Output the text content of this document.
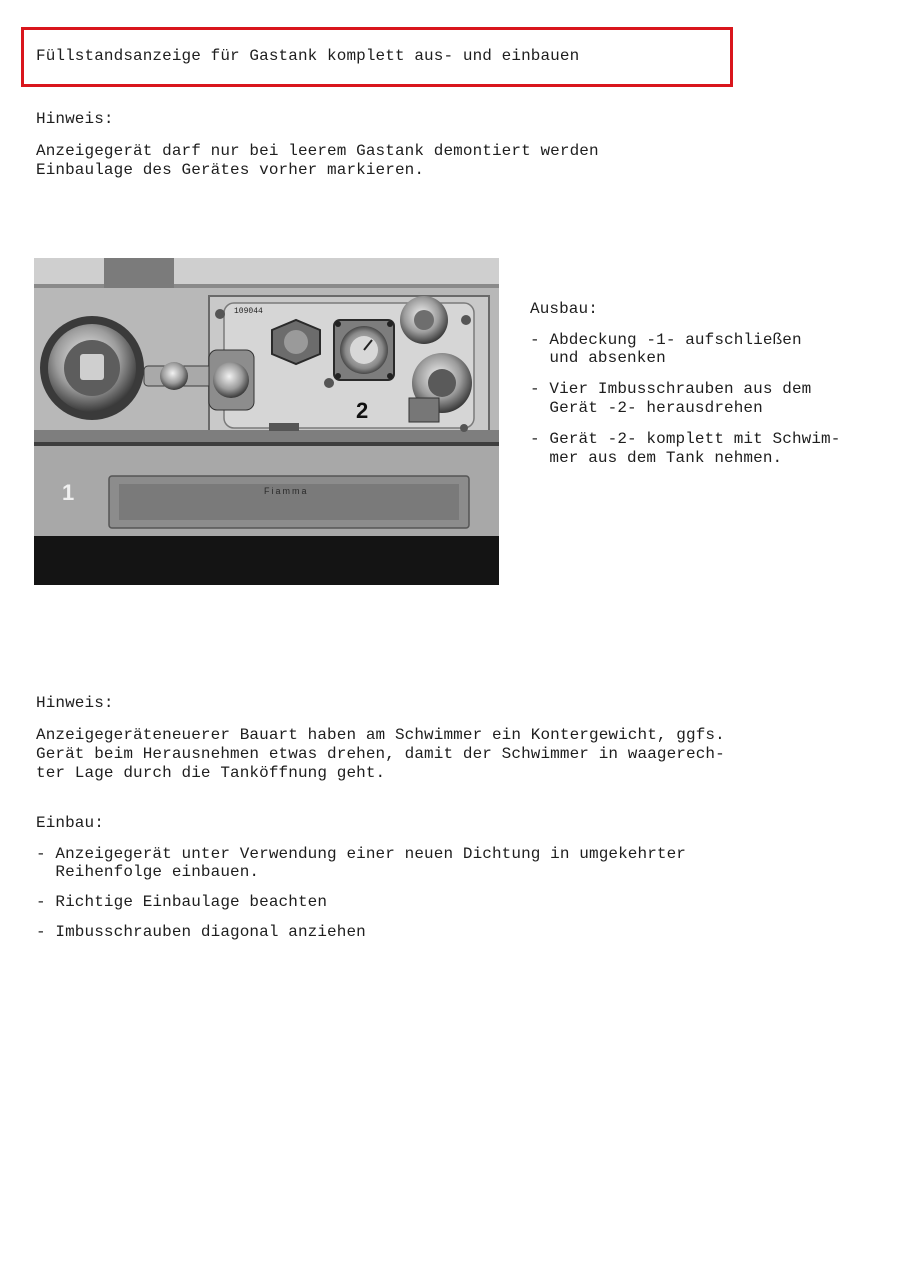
Füllstandsanzeige für Gastank komplett aus- und einbauen
Hinweis:
Anzeigegerät darf nur bei leerem Gastank demontiert werden
Einbaulage des Gerätes vorher markieren.
109044
2
1	Fiamma
Ausbau:
- Abdeckung -1- aufschließen
und absenken
- Vier Imbusschrauben aus dem
Gerät -2- herausdrehen
- Gerät -2- komplett mit Schwim-
mer aus dem Tank nehmen.
Hinweis:
Anzeigegeräteneuerer Bauart haben am Schwimmer ein Kontergewicht, ggfs.
Gerät beim Herausnehmen etwas drehen, damit der Schwimmer in waagerech-
ter Lage durch die Tanköffnung geht.
Einbau:
- Anzeigegerät unter Verwendung einer neuen Dichtung in umgekehrter
Reihenfolge einbauen.
- Richtige Einbaulage beachten
- Imbusschrauben diagonal anziehen
